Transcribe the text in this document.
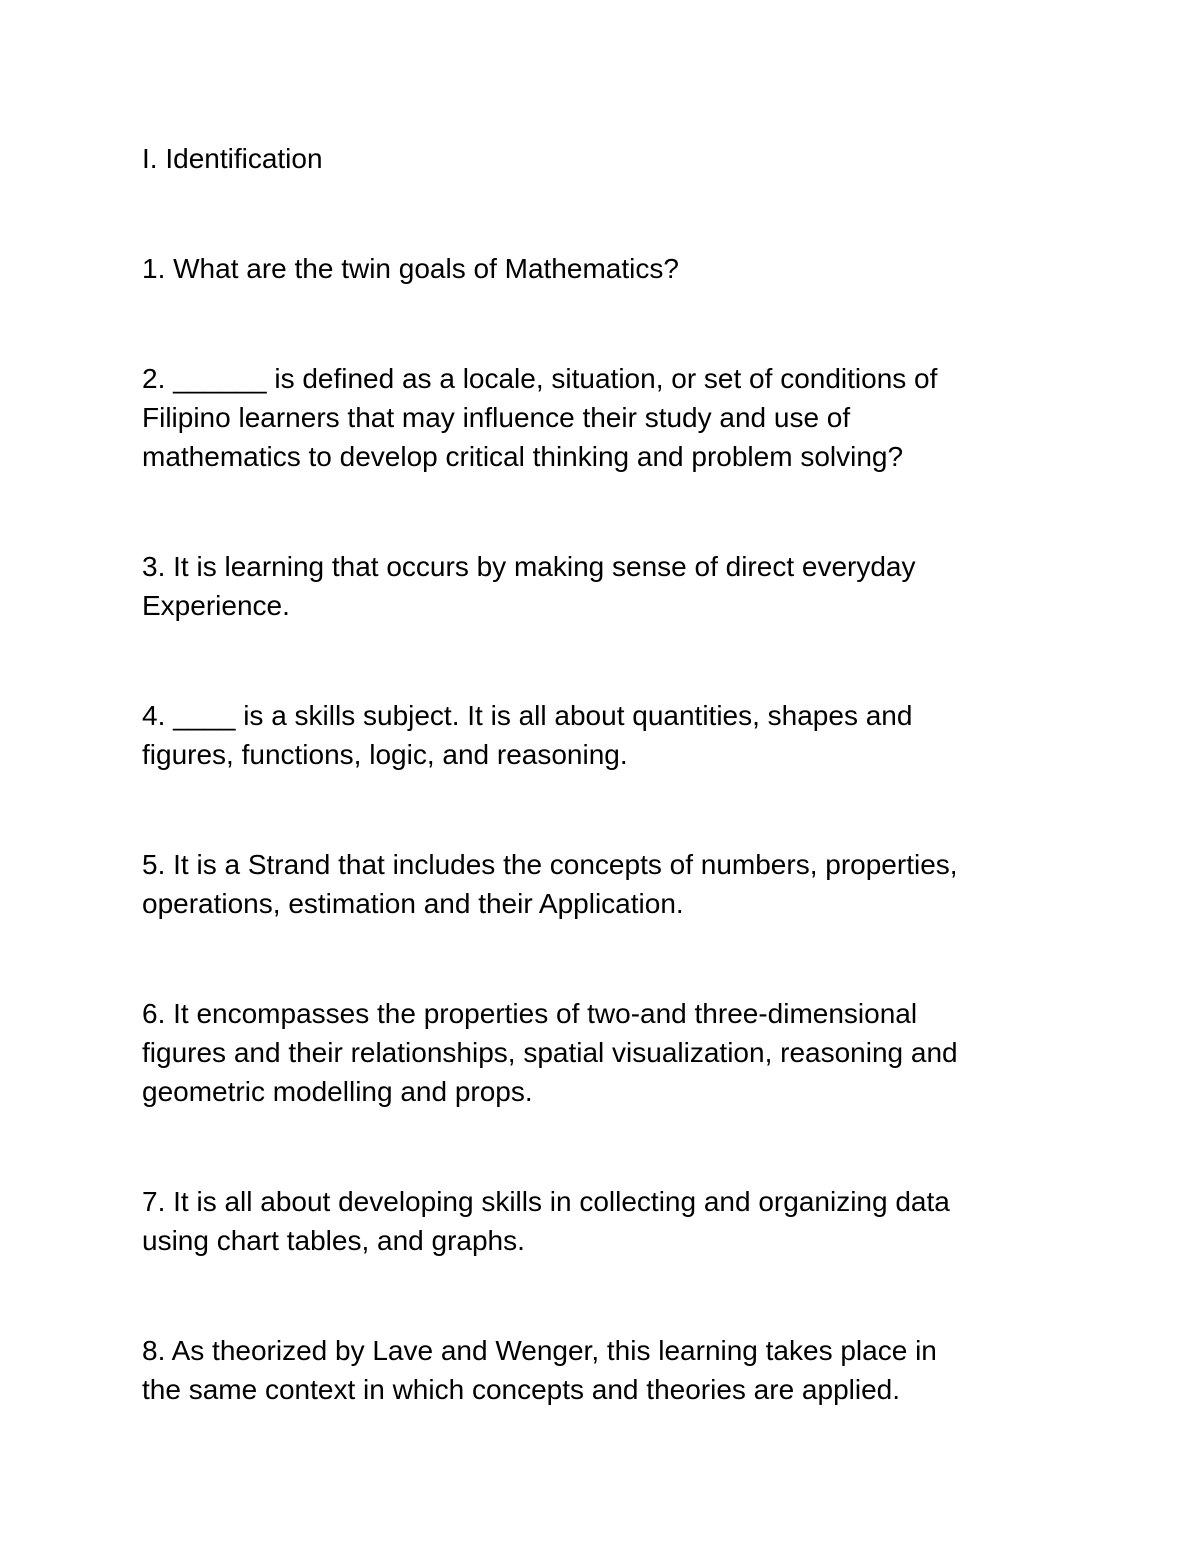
I. Identification
1. What are the twin goals of Mathematics?
2. ______ is defined as a locale, situation, or set of conditions of
Filipino learners that may influence their study and use of
mathematics to develop critical thinking and problem solving?
3. It is learning that occurs by making sense of direct everyday
Experience.
4. ____ is a skills subject. It is all about quantities, shapes and
figures, functions, logic, and reasoning.
5. It is a Strand that includes the concepts of numbers, properties,
operations, estimation and their Application.
6. It encompasses the properties of two-and three-dimensional
figures and their relationships, spatial visualization, reasoning and
geometric modelling and props.
7. It is all about developing skills in collecting and organizing data
using chart tables, and graphs.
8. As theorized by Lave and Wenger, this learning takes place in
the same context in which concepts and theories are applied.
